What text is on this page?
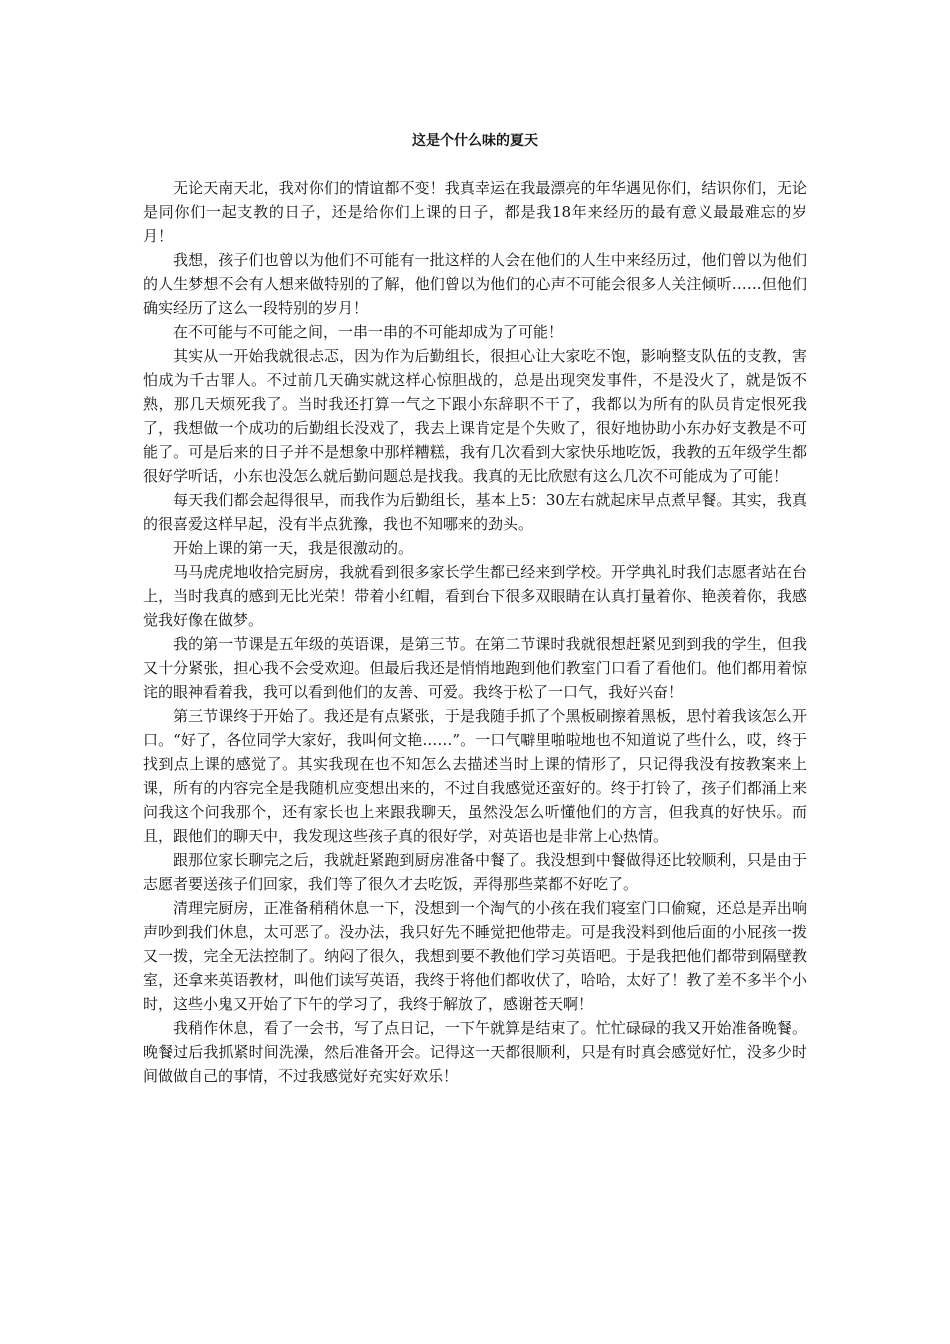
这是个什么味的夏天

无论天南天北，我对你们的情谊都不变！我真幸运在我最漂亮的年华遇见你们，结识你们，无论是同你们一起支教的日子，还是给你们上课的日子，都是我18年来经历的最有意义最最难忘的岁月！

我想，孩子们也曾以为他们不可能有一批这样的人会在他们的人生中来经历过，他们曾以为他们的人生梦想不会有人想来做特别的了解，他们曾以为他们的心声不可能会很多人关注倾听……但他们确实经历了这么一段特别的岁月！

在不可能与不可能之间，一串一串的不可能却成为了可能！

其实从一开始我就很忐忑，因为作为后勤组长，很担心让大家吃不饱，影响整支队伍的支教，害怕成为千古罪人。不过前几天确实就这样心惊胆战的，总是出现突发事件，不是没火了，就是饭不熟，那几天烦死我了。当时我还打算一气之下跟小东辞职不干了，我都以为所有的队员肯定恨死我了，我想做一个成功的后勤组长没戏了，我去上课肯定是个失败了，很好地协助小东办好支教是不可能了。可是后来的日子并不是想象中那样糟糕，我有几次看到大家快乐地吃饭，我教的五年级学生都很好学听话，小东也没怎么就后勤问题总是找我。我真的无比欣慰有这么几次不可能成为了可能！

每天我们都会起得很早，而我作为后勤组长，基本上5：30左右就起床早点煮早餐。其实，我真的很喜爱这样早起，没有半点犹豫，我也不知哪来的劲头。

开始上课的第一天，我是很激动的。

马马虎虎地收拾完厨房，我就看到很多家长学生都已经来到学校。开学典礼时我们志愿者站在台上，当时我真的感到无比光荣！带着小红帽，看到台下很多双眼睛在认真打量着你、艳羡着你，我感觉我好像在做梦。

我的第一节课是五年级的英语课，是第三节。在第二节课时我就很想赶紧见到到我的学生，但我又十分紧张，担心我不会受欢迎。但最后我还是悄悄地跑到他们教室门口看了看他们。他们都用着惊诧的眼神看着我，我可以看到他们的友善、可爱。我终于松了一口气，我好兴奋！

第三节课终于开始了。我还是有点紧张，于是我随手抓了个黑板刷擦着黑板，思忖着我该怎么开口。“好了，各位同学大家好，我叫何文艳……”。一口气噼里啪啦地也不知道说了些什么，哎，终于找到点上课的感觉了。其实我现在也不知怎么去描述当时上课的情形了，只记得我没有按教案来上课，所有的内容完全是我随机应变想出来的，不过自我感觉还蛮好的。终于打铃了，孩子们都涌上来问我这个问我那个，还有家长也上来跟我聊天，虽然没怎么听懂他们的方言，但我真的好快乐。而且，跟他们的聊天中，我发现这些孩子真的很好学，对英语也是非常上心热情。

跟那位家长聊完之后，我就赶紧跑到厨房准备中餐了。我没想到中餐做得还比较顺利，只是由于志愿者要送孩子们回家，我们等了很久才去吃饭，弄得那些菜都不好吃了。

清理完厨房，正准备稍稍休息一下，没想到一个淘气的小孩在我们寝室门口偷窥，还总是弄出响声吵到我们休息，太可恶了。没办法，我只好先不睡觉把他带走。可是我没料到他后面的小屁孩一拨又一拨，完全无法控制了。纳闷了很久，我想到要不教他们学习英语吧。于是我把他们都带到隔壁教室，还拿来英语教材，叫他们读写英语，我终于将他们都收伏了，哈哈，太好了！教了差不多半个小时，这些小鬼又开始了下午的学习了，我终于解放了，感谢苍天啊！

我稍作休息，看了一会书，写了点日记，一下午就算是结束了。忙忙碌碌的我又开始准备晚餐。晚餐过后我抓紧时间洗澡，然后准备开会。记得这一天都很顺利，只是有时真会感觉好忙，没多少时间做做自己的事情，不过我感觉好充实好欢乐！
